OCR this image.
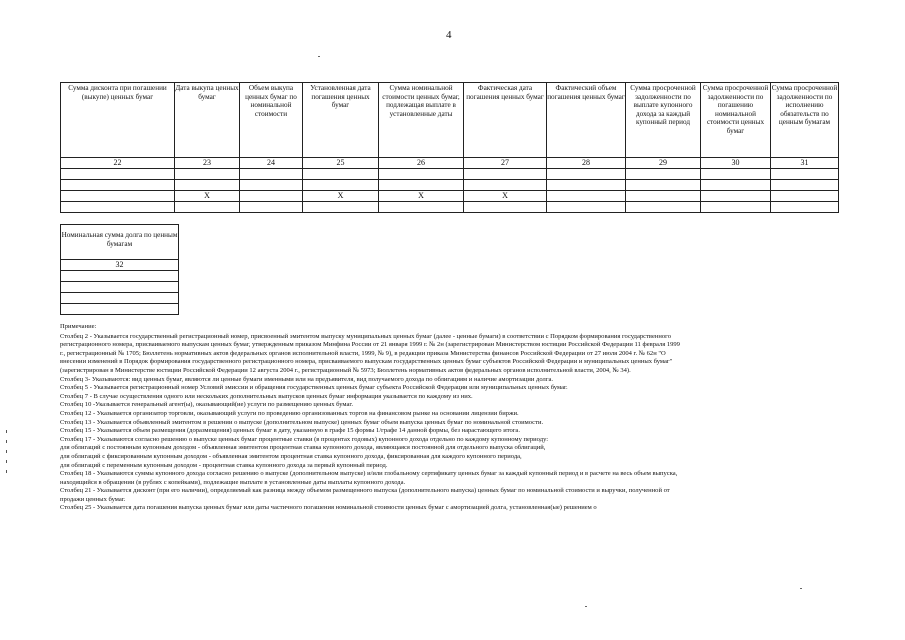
4
Сумма дисконта при погашении (выкупе) ценных бумаг	Дата выкупа ценных бумаг	Объем выкупа ценных бумаг по номинальной стоимости	Установленная дата погашения ценных бумаг	Сумма номинальной стоимости ценных бумаг, подлежащая выплате в установленные даты	Фактическая дата погашения ценных бумаг	Фактический объем погашения ценных бумаг	Сумма просроченной задолженности по выплате купонного дохода за каждый купонный период	Сумма просроченной задолженности по погашению номинальной стоимости ценных бумаг	Сумма просроченной задолженности по исполнению обязательств по ценным бумагам
22	23	24	25	26	27	28	29	30	31

	X		X	X	X				

Номинальная сумма долга по ценным бумагам
32

Примечание:

Столбец 2 - Указывается государственный регистрационный номер, присвоенный эмитентом выпуску муниципальных ценных бумаг (далее - ценные бумаги) в соответствии с Порядком формирования государственного

регистрационного номера, присваиваемого выпускам ценных бумаг, утвержденным приказом Минфина России от 21 января 1999 г. № 2н (зарегистрирован Министерством юстиции Российской Федерации 11 февраля 1999

г., регистрационный № 1705; Бюллетень нормативных актов федеральных органов исполнительной власти, 1999, № 9), в редакции приказа Министерства финансов Российской Федерации от 27 июля 2004 г. № 62н "О

внесении изменений в Порядок формирования государственного регистрационного номера, присваиваемого выпускам государственных ценных бумаг субъектов Российской Федерации и муниципальных ценных бумаг"

(зарегистрирован в Министерстве юстиции Российской Федерации 12 августа 2004 г., регистрационный № 5973; Бюллетень нормативных актов федеральных органов исполнительной власти, 2004, № 34).

Столбец 3- Указываются: вид ценных бумаг, являются ли ценные бумаги именными или на предъявителя, вид получаемого дохода по облигациям и наличие амортизации долга.

Столбец 5 - Указывается регистрационный номер Условий эмиссии и обращения государственных ценных бумаг субъекта Российской Федерации или муниципальных ценных бумаг.

Столбец 7 - В случае осуществления одного или нескольких дополнительных выпусков ценных бумаг информация указывается по каждому из них.

Столбец 10 -Указывается генеральный агент(ы), оказывающий(ие) услуги по размещению ценных бумаг.

Столбец 12 - Указывается организатор торговли, оказывающий услуги по проведению организованных торгов на финансовом рынке на основании лицензии биржи.

Столбец 13 - Указывается объявленный эмитентом в решении о выпуске (дополнительном выпуске) ценных бумаг объем выпуска ценных бумаг по номинальной стоимости.

Столбец 15 - Указывается объем размещения (доразмещения) ценных бумаг в дату, указанную в графе 15 формы 1/графе 14 данной формы, без нарастающего итога.

Столбец 17 - Указываются согласно решению о выпуске ценных бумаг процентные ставки (в процентах годовых) купонного дохода отдельно по каждому купонному периоду:

для облигаций с постоянным купонным доходом - объявленная эмитентом процентная ставка купонного дохода, являющаяся постоянной для отдельного выпуска облигаций,

для облигаций с фиксированным купонным доходом - объявленная эмитентом процентная ставка купонного дохода, фиксированная для каждого купонного периода,

для облигаций с переменным купонным доходом - процентная ставка купонного дохода за первый купонный период.

Столбец 18 - Указываются суммы купонного дохода согласно решению о выпуске (дополнительном выпуске) и/или глобальному сертификату ценных бумаг за каждый купонный период и в расчете на весь объем выпуска,

находящийся в обращении (в рублях с копейками), подлежащие выплате в установленные даты выплаты купонного дохода.

Столбец 21 - Указывается дисконт (при его наличии), определяемый как разница между объемом размещенного выпуска (дополнительного выпуска) ценных бумаг по номинальной стоимости и выручки, полученной от

продажи ценных бумаг.

Столбец 25 - Указывается дата погашения выпуска ценных бумаг или даты частичного погашения номинальной стоимости ценных бумаг с амортизацией долга, установленная(ые) решением о
